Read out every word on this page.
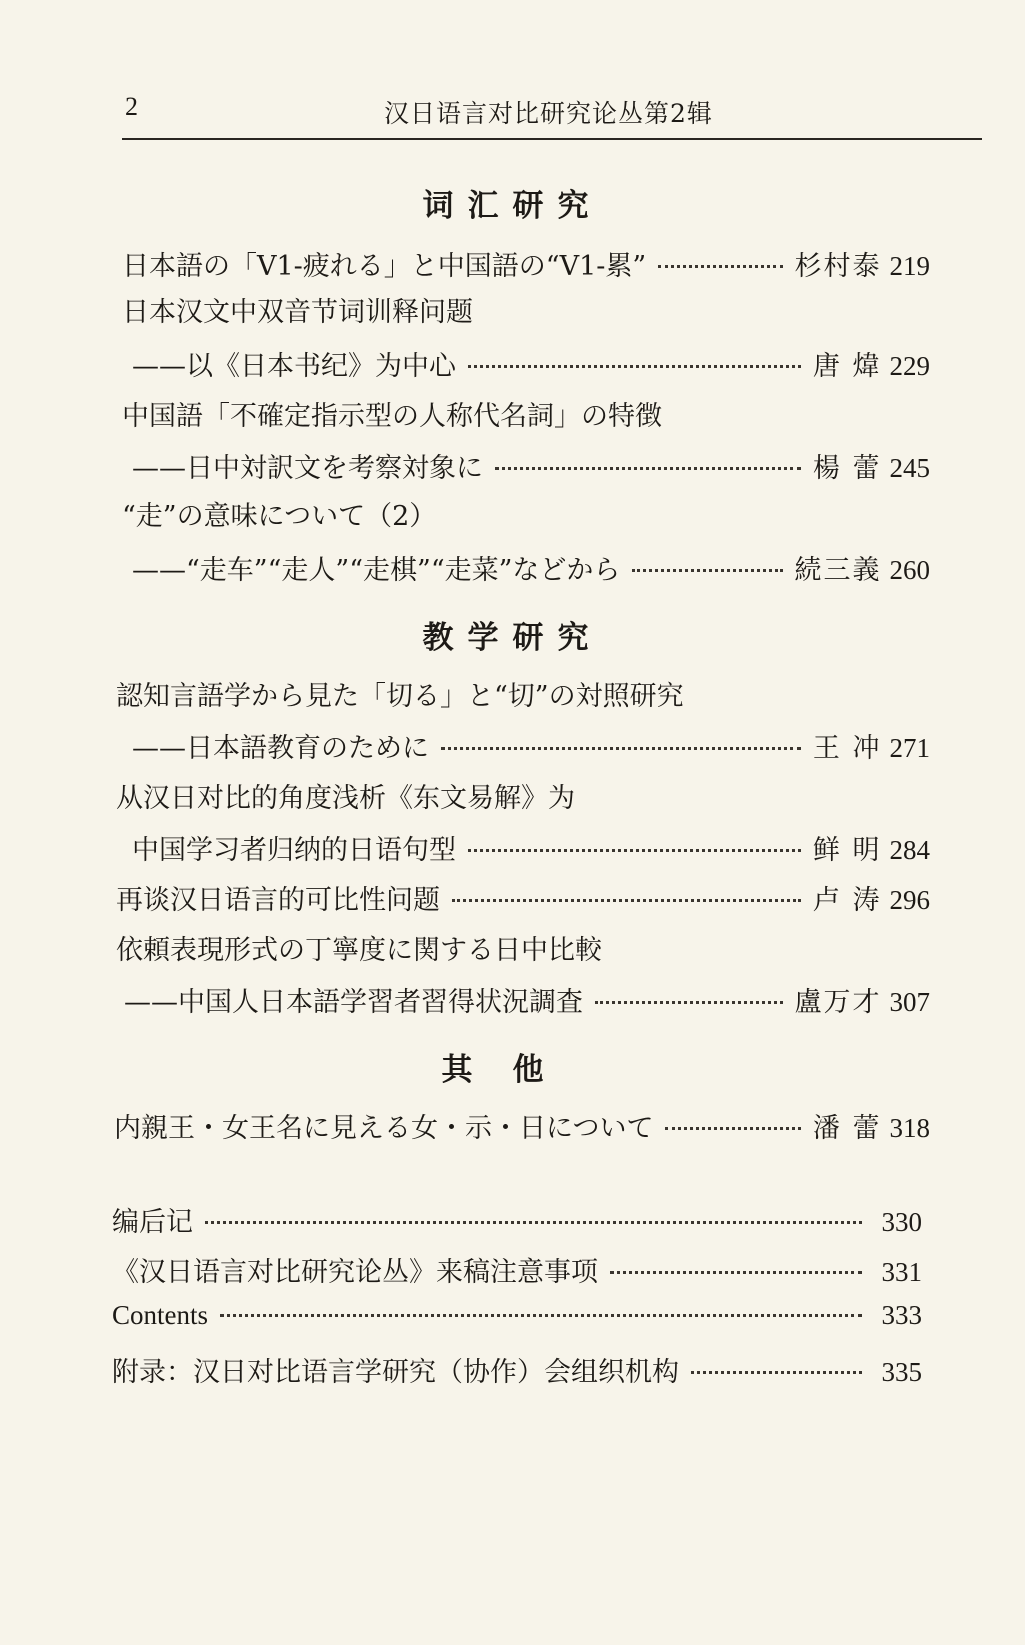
2	汉日语言对比研究论丛第2辑
词汇研究
日本語の「V1-疲れる」と中国語の“V1-累”	杉村泰 219
日本汉文中双音节词训释问题
——以《日本书纪》为中心	唐 煒 229
中国語「不確定指示型の人称代名詞」の特徴
——日中対訳文を考察対象に	楊 蕾 245
“走”の意味について（2）
——“走车”“走人”“走棋”“走菜”などから	続三義 260
教学研究
認知言語学から見た「切る」と“切”の対照研究
——日本語教育のために	王 冲 271
从汉日对比的角度浅析《东文易解》为
中国学习者归纳的日语句型	鲜 明 284
再谈汉日语言的可比性问题	卢 涛 296
依頼表現形式の丁寧度に関する日中比較
——中国人日本語学習者習得状況調査	盧万才 307
其他
内親王・女王名に見える女・示・日について	潘 蕾 318
编后记	330
《汉日语言对比研究论丛》来稿注意事项	331
Contents	333
附录：汉日对比语言学研究（协作）会组织机构	335
